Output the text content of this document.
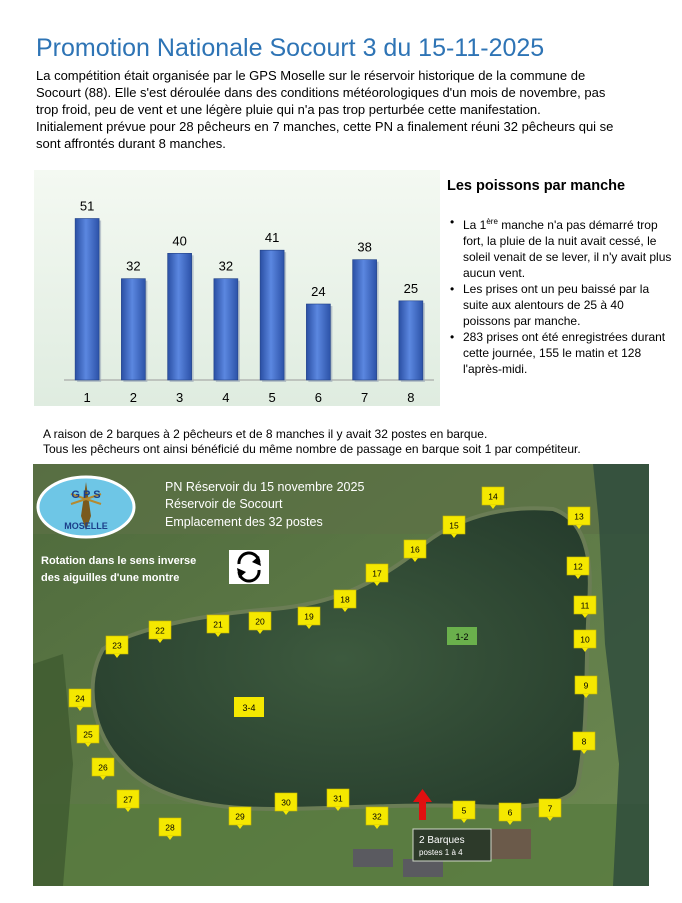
Promotion Nationale Socourt 3 du 15-11-2025

La compétition était organisée par le GPS Moselle sur le réservoir historique de la commune de

Socourt (88). Elle s'est déroulée dans des conditions météorologiques d'un mois de novembre, pas

trop froid, peu de vent et une légère pluie qui n'a pas trop perturbée cette manifestation.

Initialement prévue pour 28 pêcheurs en 7 manches, cette PN a finalement réuni 32 pêcheurs qui se

sont affrontés durant 8 manches.

51
1
32
2
40
3
32
4
41
5
24
6
38
7
25
8
Les poissons par manche
• La 1ère manche n'a pas démarré trop fort, la pluie de la nuit avait cessé, le soleil venait de se lever, il n'y avait plus aucun vent.
• Les prises ont un peu baissé par la suite aux alentours de 25 à 40 poissons par manche.
• 283 prises ont été enregistrées durant cette journée, 155 le matin et 128 l'après-midi.

A raison de 2 barques à 2 pêcheurs et de 8 manches il y avait 32 postes en barque.

Tous les pêcheurs ont ainsi bénéficié du même nombre de passage en barque soit 1 par compétiteur.

G P S
MOSELLE
PN Réservoir du 15 novembre 2025
Réservoir de Socourt
Emplacement des 32 postes
Rotation dans le sens inverse
des aiguilles d'une montre
1-2
3-4
2 Barques
postes 1 à 4
5	6	7
8
9
10
11
12
13
14
15
16
17
18
19
20
21
22
23
24
25
26
27
28
29
30	31
32
